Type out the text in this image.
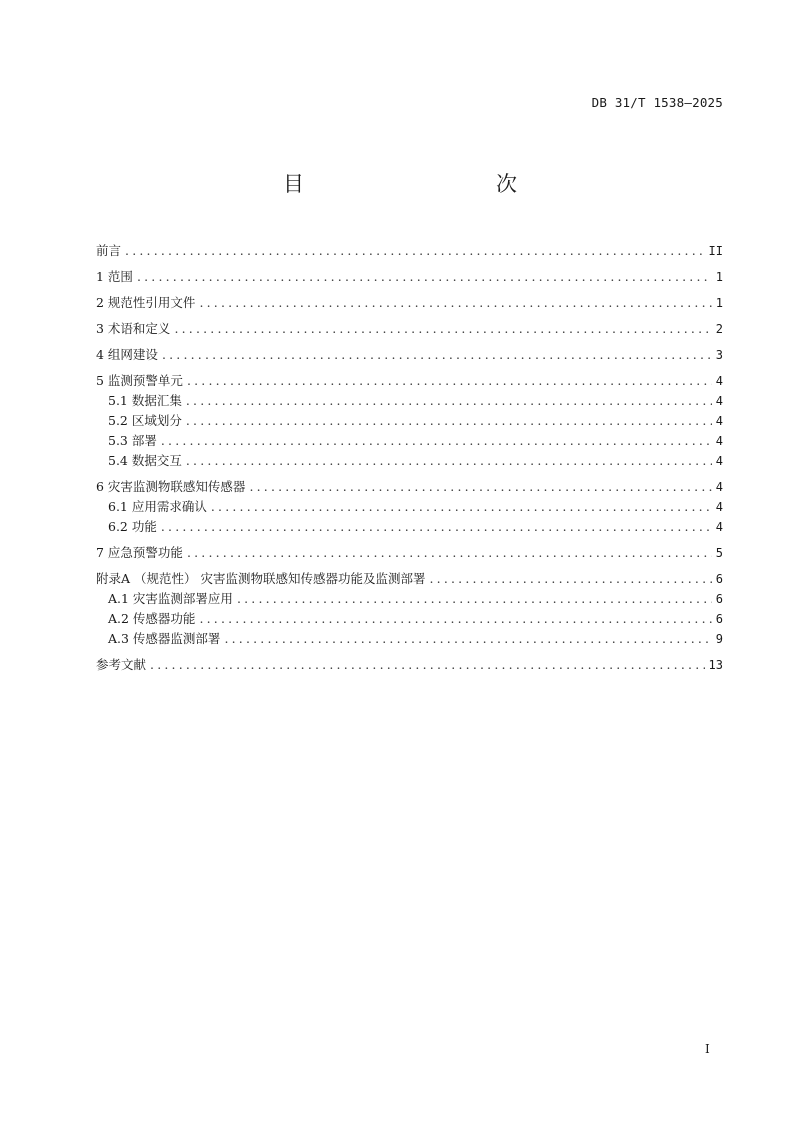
DB 31/T 1538—2025
目　　次
前言 .....	II
1 范围 .....	1
2 规范性引用文件 .....	1
3 术语和定义 .....	2
4 组网建设 .....	3
5 监测预警单元 .....	4
5.1 数据汇集 .....	4
5.2 区域划分 .....	4
5.3 部署 .....	4
5.4 数据交互 .....	4
6 灾害监测物联感知传感器 .....	4
6.1 应用需求确认 .....	4
6.2 功能 .....	4
7 应急预警功能 .....	5
附录A （规范性） 灾害监测物联感知传感器功能及监测部署 .....	6
A.1 灾害监测部署应用 .....	6
A.2 传感器功能 .....	6
A.3 传感器监测部署 .....	9
参考文献 .....	13
I
